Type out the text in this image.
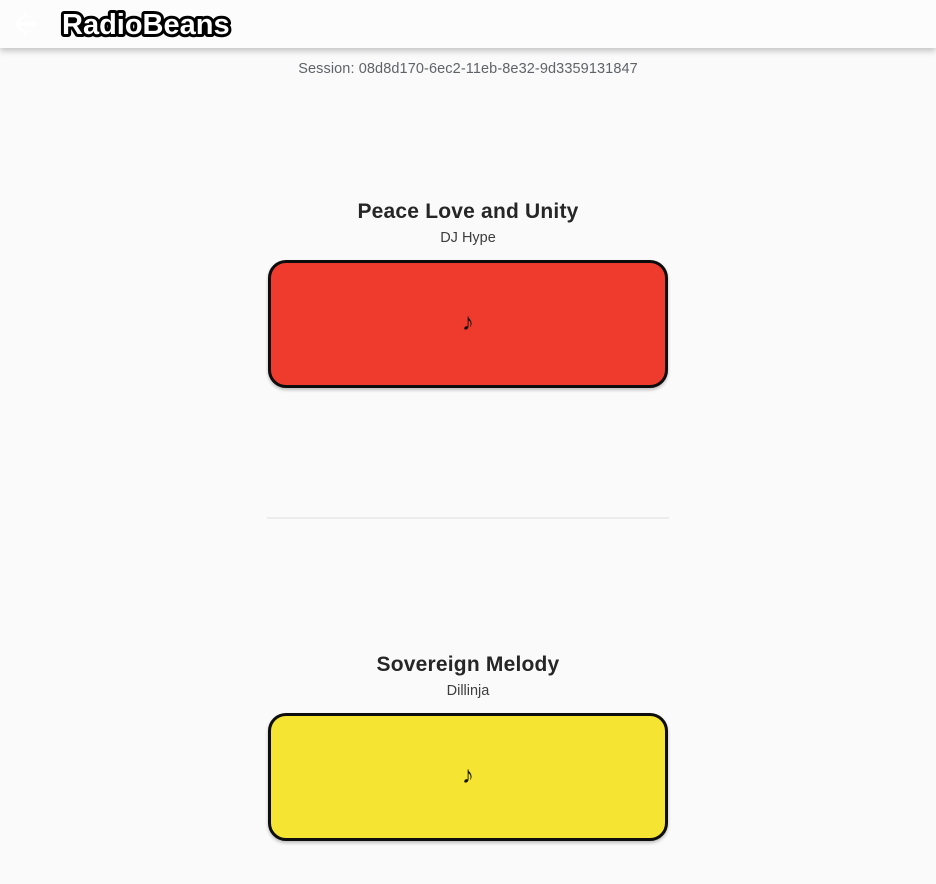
RadioBeans
Session: 08d8d170-6ec2-11eb-8e32-9d3359131847
Peace Love and Unity
DJ Hype
♪
Sovereign Melody
Dillinja
♪
